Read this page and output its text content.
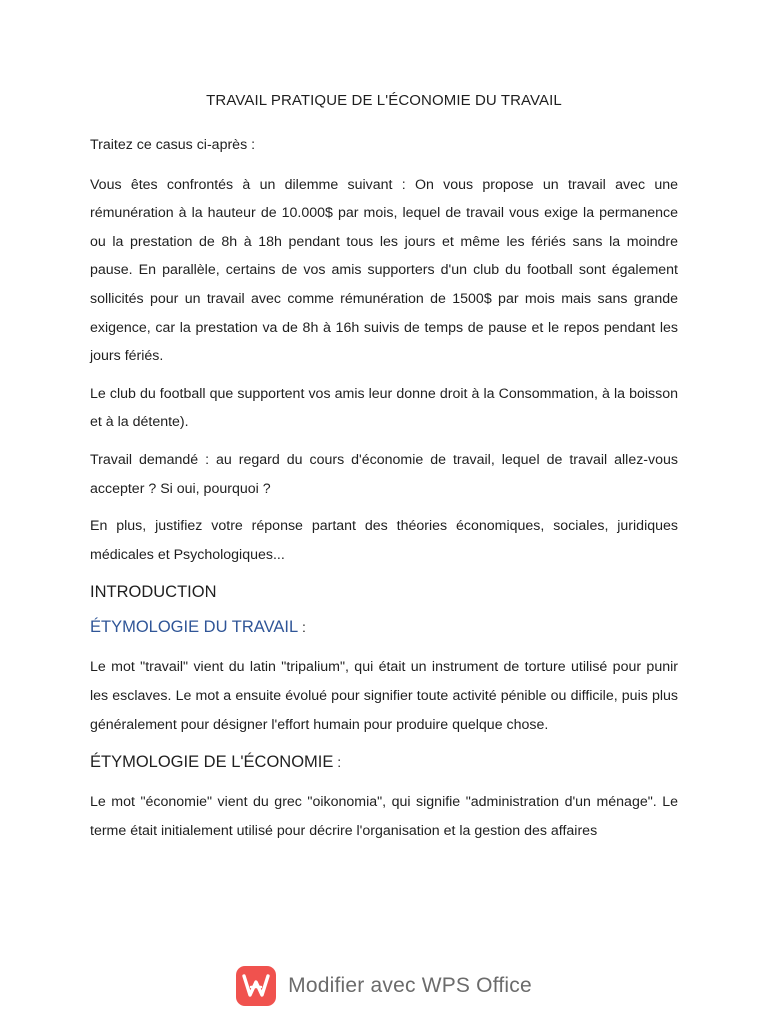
TRAVAIL PRATIQUE DE L'ÉCONOMIE DU TRAVAIL

Traitez ce casus ci-après :

Vous êtes confrontés à un dilemme suivant : On vous propose un travail avec une rémunération à la hauteur de 10.000$ par mois, lequel de travail vous exige la permanence ou la prestation de 8h à 18h pendant tous les jours et même les fériés sans la moindre pause. En parallèle, certains de vos amis supporters d'un club du football sont également sollicités pour un travail avec comme rémunération de 1500$ par mois mais sans grande exigence, car la prestation va de 8h à 16h suivis de temps de pause et le repos pendant les jours fériés.

Le club du football que supportent vos amis leur donne droit à la Consommation, à la boisson et à la détente).

Travail demandé : au regard du cours d'économie de travail, lequel de travail allez-vous accepter ? Si oui, pourquoi ?

En plus, justifiez votre réponse partant des théories économiques, sociales, juridiques médicales et Psychologiques...

INTRODUCTION
ÉTYMOLOGIE DU TRAVAIL :

Le mot "travail" vient du latin "tripalium", qui était un instrument de torture utilisé pour punir les esclaves. Le mot a ensuite évolué pour signifier toute activité pénible ou difficile, puis plus généralement pour désigner l'effort humain pour produire quelque chose.

ÉTYMOLOGIE DE L'ÉCONOMIE :

Le mot "économie" vient du grec "oikonomia", qui signifie "administration d'un ménage". Le terme était initialement utilisé pour décrire l'organisation et la gestion des affaires

Modifier avec WPS Office
